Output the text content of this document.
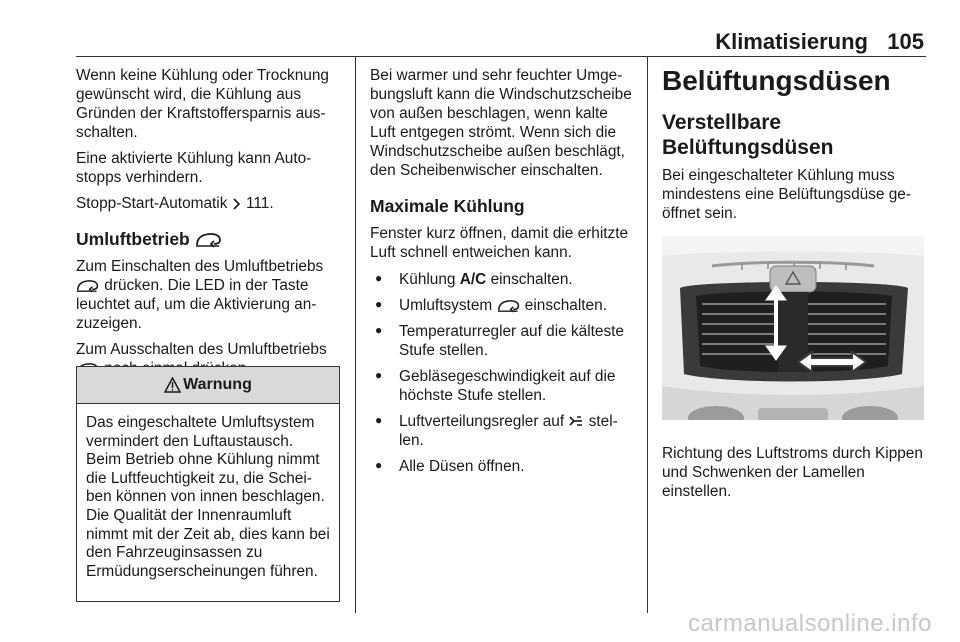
Klimatisierung 105

Wenn keine Kühlung oder Trocknung gewünscht wird, die Kühlung aus Gründen der Kraftstoffersparnis ausschalten.

Eine aktivierte Kühlung kann Autostopps verhindern.

Stopp-Start-Automatik 111.

Umluftbetrieb

Zum Einschalten des Umluftbetriebs  drücken. Die LED in der Taste leuchtet auf, um die Aktivierung anzuzeigen.

Zum Ausschalten des Umluftbetriebs

Warnung
Das eingeschaltete Umluftsystem vermindert den Luftaustausch. Beim Betrieb ohne Kühlung nimmt die Luftfeuchtigkeit zu, die Scheiben können von innen beschlagen. Die Qualität der Innenraumluft nimmt mit der Zeit ab, dies kann bei den Fahrzeuginsassen zu Ermüdungserscheinungen führen.

Bei warmer und sehr feuchter Umgebungsluft kann die Windschutzscheibe von außen beschlagen, wenn kalte Luft entgegen strömt. Wenn sich die Windschutzscheibe außen beschlägt, den Scheibenwischer einschalten.

Maximale Kühlung

Fenster kurz öffnen, damit die erhitzte Luft schnell entweichen kann.

● Kühlung A/C einschalten.
● Umluftsystem einschalten.
● Temperaturregler auf die kälteste Stufe stellen.
● Gebläsegeschwindigkeit auf die höchste Stufe stellen.
● Luftverteilungsregler auf stellen.
● Alle Düsen öffnen.
Belüftungsdüsen
Verstellbare Belüftungsdüsen

Bei eingeschalteter Kühlung muss mindestens eine Belüftungsdüse geöffnet sein.

Richtung des Luftstroms durch Kippen und Schwenken der Lamellen einstellen.

carmanualsonline.info
